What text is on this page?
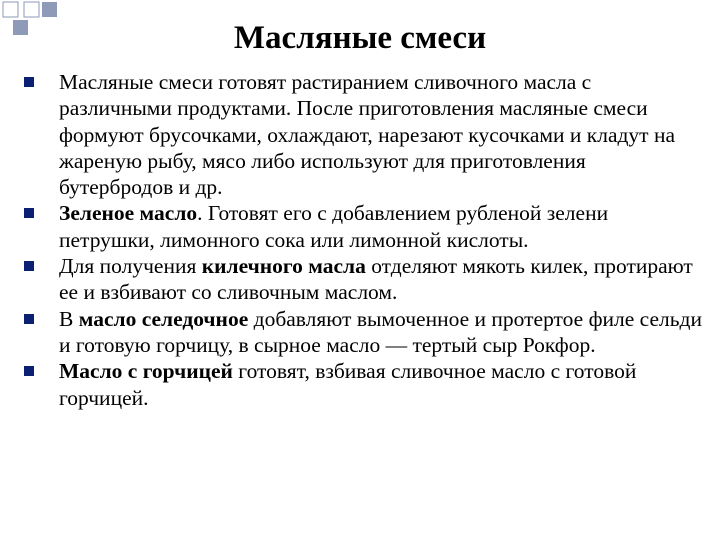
Масляные смеси
Масляные смеси готовят растиранием сливочного масла с различными продуктами. После приготовления масляные смеси формуют брусочками, охлаждают, нарезают кусочками и кладут на жареную рыбу, мясо либо используют для приготовления бутербродов и др.
Зеленое масло. Готовят его с добавлением рубленой зелени петрушки, лимонного сока или лимонной кислоты.
Для получения килечного масла отделяют мякоть килек, протирают ее и взбивают со сливочным маслом.
В масло селедочное добавляют вымоченное и протертое филе сельди и готовую горчицу, в сырное масло — тертый сыр Рокфор.
Масло с горчицей готовят, взбивая сливочное масло с готовой горчицей.
